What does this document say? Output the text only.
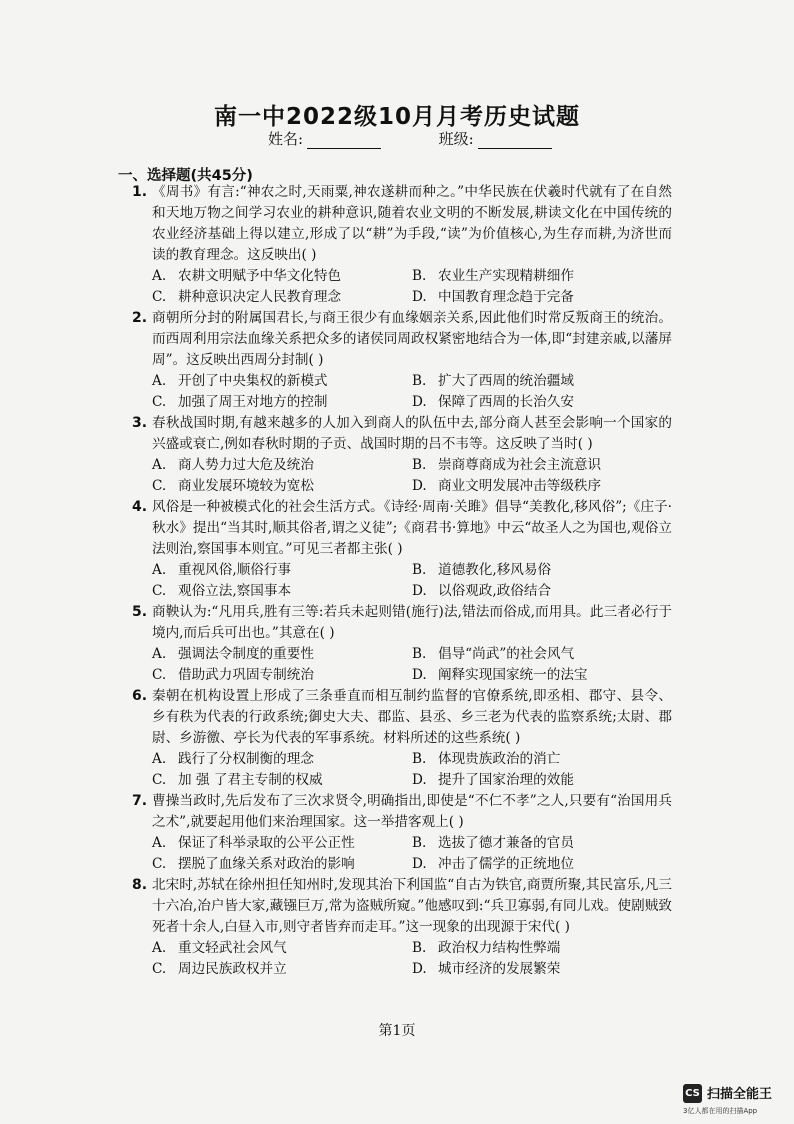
南一中2022级10月月考历史试题
姓名:	班级:
一、选择题(共45分)
1. 《周书》有言:“神农之时,天雨粟,神农遂耕而种之。”中华民族在伏羲时代就有了在自然和天地万物之间学习农业的耕种意识,随着农业文明的不断发展,耕读文化在中国传统的农业经济基础上得以建立,形成了以“耕”为手段,“读”为价值核心,为生存而耕,为济世而读的教育理念。这反映出( )
A. 农耕文明赋予中华文化特色	B. 农业生产实现精耕细作
C. 耕种意识决定人民教育理念	D. 中国教育理念趋于完备
2. 商朝所分封的附属国君长,与商王很少有血缘姻亲关系,因此他们时常反叛商王的统治。而西周利用宗法血缘关系把众多的诸侯同周政权紧密地结合为一体,即“封建亲戚,以藩屏周”。这反映出西周分封制( )
A. 开创了中央集权的新模式	B. 扩大了西周的统治疆域
C. 加强了周王对地方的控制	D. 保障了西周的长治久安
3. 春秋战国时期,有越来越多的人加入到商人的队伍中去,部分商人甚至会影响一个国家的兴盛或衰亡,例如春秋时期的子贡、战国时期的吕不韦等。这反映了当时( )
A. 商人势力过大危及统治	B. 崇商尊商成为社会主流意识
C. 商业发展环境较为宽松	D. 商业文明发展冲击等级秩序
4. 风俗是一种被模式化的社会生活方式。《诗经·周南·关雎》倡导“美教化,移风俗”;《庄子·秋水》提出“当其时,顺其俗者,谓之义徒”;《商君书·算地》中云“故圣人之为国也,观俗立法则治,察国事本则宜。”可见三者都主张( )
A. 重视风俗,顺俗行事	B. 道德教化,移风易俗
C. 观俗立法,察国事本	D. 以俗观政,政俗结合
5. 商鞅认为:“凡用兵,胜有三等:若兵未起则错(施行)法,错法而俗成,而用具。此三者必行于境内,而后兵可出也。”其意在( )
A. 强调法令制度的重要性	B. 倡导“尚武”的社会风气
C. 借助武力巩固专制统治	D. 阐释实现国家统一的法宝
6. 秦朝在机构设置上形成了三条垂直而相互制约监督的官僚系统,即丞相、郡守、县令、乡有秩为代表的行政系统;御史大夫、郡监、县丞、乡三老为代表的监察系统;太尉、郡尉、乡游徼、亭长为代表的军事系统。材料所述的这些系统( )
A. 践行了分权制衡的理念	B. 体现贵族政治的消亡
C. 加 强 了君主专制的权威	D. 提升了国家治理的效能
7. 曹操当政时,先后发布了三次求贤令,明确指出,即使是“不仁不孝”之人,只要有“治国用兵之术”,就要起用他们来治理国家。这一举措客观上( )
A. 保证了科举录取的公平公正性	B. 选拔了德才兼备的官员
C. 摆脱了血缘关系对政治的影响	D. 冲击了儒学的正统地位
8. 北宋时,苏轼在徐州担任知州时,发现其治下利国监“自古为铁官,商贾所聚,其民富乐,凡三十六冶,冶户皆大家,藏镪巨万,常为盗贼所窥。”他感叹到:“兵卫寡弱,有同儿戏。使剧贼致死者十余人,白昼入市,则守者皆弃而走耳。”这一现象的出现源于宋代( )
A. 重文轻武社会风气	B. 政治权力结构性弊端
C. 周边民族政权并立	D. 城市经济的发展繁荣
第1页
CS 扫描全能王
3亿人都在用的扫描App
